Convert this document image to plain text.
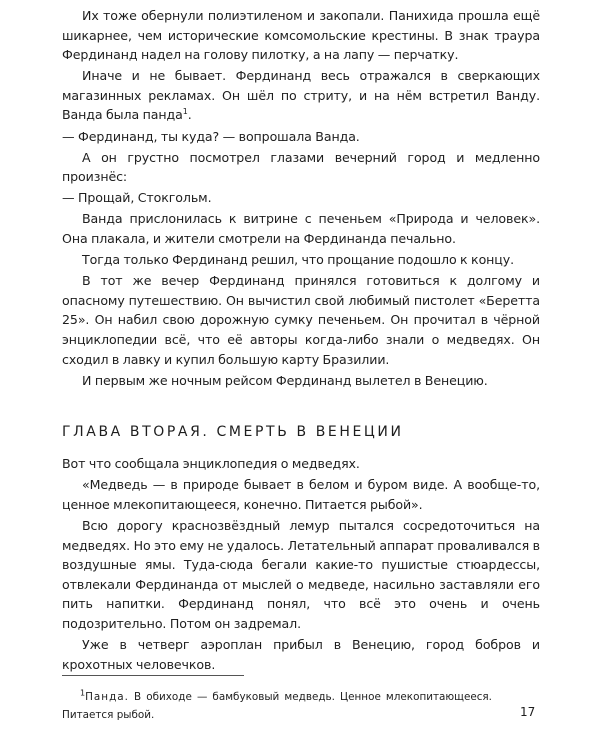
Их тоже обернули полиэтиленом и закопали. Панихида прошла ещё шикарнее, чем исторические комсомольские крестины. В знак траура Фердинанд надел на голову пилотку, а на лапу — перчатку.

Иначе и не бывает. Фердинанд весь отражался в сверкающих магазинных рекламах. Он шёл по стриту, и на нём встретил Ванду. Ванда была панда$^1$.

— Фердинанд, ты куда? — вопрошала Ванда.

А он грустно посмотрел глазами вечерний город и медленно произнёс:

— Прощай, Стокгольм.

Ванда прислонилась к витрине с печеньем «Природа и человек». Она плакала, и жители смотрели на Фердинанда печально.

Тогда только Фердинанд решил, что прощание подошло к концу.

В тот же вечер Фердинанд принялся готовиться к долгому и опасному путешествию. Он вычистил свой любимый пистолет «Беретта 25». Он набил свою дорожную сумку печеньем. Он прочитал в чёрной энциклопедии всё, что её авторы когда-либо знали о медведях. Он сходил в лавку и купил большую карту Бразилии.

И первым же ночным рейсом Фердинанд вылетел в Венецию.

ГЛАВА ВТОРАЯ. СМЕРТЬ В ВЕНЕЦИИ

Вот что сообщала энциклопедия о медведях.

«Медведь — в природе бывает в белом и буром виде. А вообще-то, ценное млекопитающееся, конечно. Питается рыбой».

Всю дорогу краснозвёздный лемур пытался сосредоточиться на медведях. Но это ему не удалось. Летательный аппарат проваливался в воздушные ямы. Туда-сюда бегали какие-то пушистые стюардессы, отвлекали Фердинанда от мыслей о медведе, насильно заставляли его пить напитки. Фердинанд понял, что всё это очень и очень подозрительно. Потом он задремал.

Уже в четверг аэроплан прибыл в Венецию, город бобров и крохотных человечков.

$^1$Панда. В обиходе — бамбуковый медведь. Ценное млекопитающееся. Питается рыбой.	17
